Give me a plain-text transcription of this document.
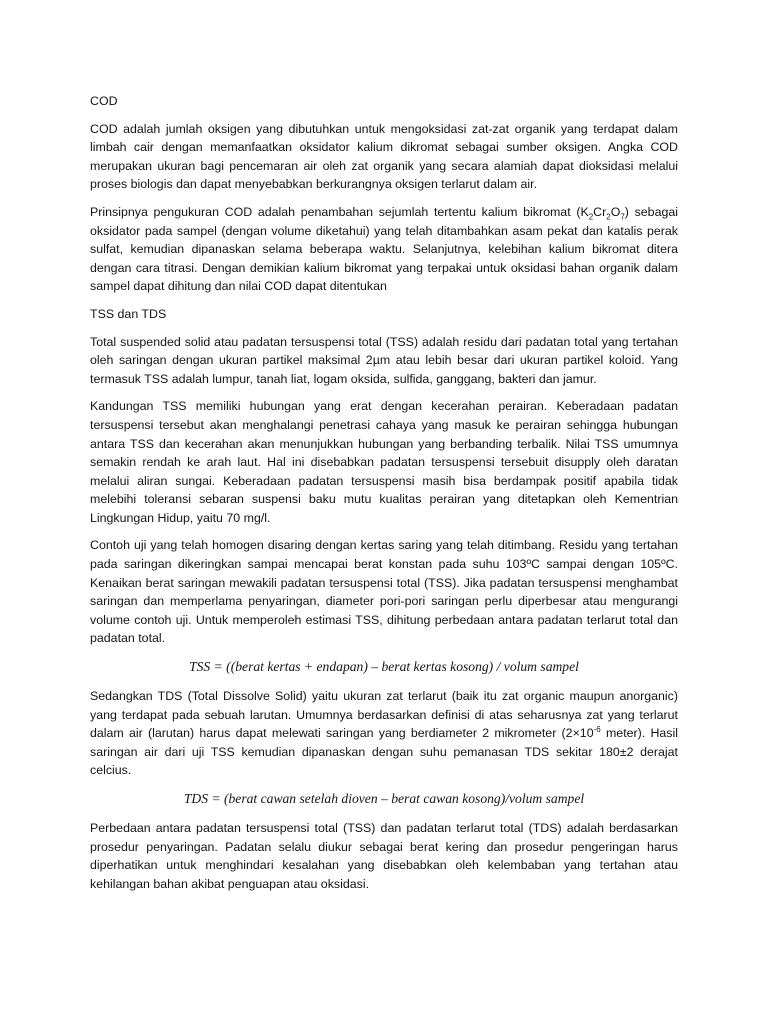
COD

COD adalah jumlah oksigen yang dibutuhkan untuk mengoksidasi zat-zat organik yang terdapat dalam limbah cair dengan memanfaatkan oksidator kalium dikromat sebagai sumber oksigen. Angka COD merupakan ukuran bagi pencemaran air oleh zat organik yang secara alamiah dapat dioksidasi melalui proses biologis dan dapat menyebabkan berkurangnya oksigen terlarut dalam air.

Prinsipnya pengukuran COD adalah penambahan sejumlah tertentu kalium bikromat $(K_2Cr_2O_7)$ sebagai oksidator pada sampel (dengan volume diketahui) yang telah ditambahkan asam pekat dan katalis perak sulfat, kemudian dipanaskan selama beberapa waktu. Selanjutnya, kelebihan kalium bikromat ditera dengan cara titrasi. Dengan demikian kalium bikromat yang terpakai untuk oksidasi bahan organik dalam sampel dapat dihitung dan nilai COD dapat ditentukan

TSS dan TDS

Total suspended solid atau padatan tersuspensi total (TSS) adalah residu dari padatan total yang tertahan oleh saringan dengan ukuran partikel maksimal 2µm atau lebih besar dari ukuran partikel koloid. Yang termasuk TSS adalah lumpur, tanah liat, logam oksida, sulfida, ganggang, bakteri dan jamur.

Kandungan TSS memiliki hubungan yang erat dengan kecerahan perairan. Keberadaan padatan tersuspensi tersebut akan menghalangi penetrasi cahaya yang masuk ke perairan sehingga hubungan antara TSS dan kecerahan akan menunjukkan hubungan yang berbanding terbalik. Nilai TSS umumnya semakin rendah ke arah laut. Hal ini disebabkan padatan tersuspensi tersebuit disupply oleh daratan melalui aliran sungai. Keberadaan padatan tersuspensi masih bisa berdampak positif apabila tidak melebihi toleransi sebaran suspensi baku mutu kualitas perairan yang ditetapkan oleh Kementrian Lingkungan Hidup, yaitu 70 mg/l.

Contoh uji yang telah homogen disaring dengan kertas saring yang telah ditimbang. Residu yang tertahan pada saringan dikeringkan sampai mencapai berat konstan pada suhu 103ºC sampai dengan 105ºC. Kenaikan berat saringan mewakili padatan tersuspensi total (TSS). Jika padatan tersuspensi menghambat saringan dan memperlama penyaringan, diameter pori-pori saringan perlu diperbesar atau mengurangi volume contoh uji. Untuk memperoleh estimasi TSS, dihitung perbedaan antara padatan terlarut total dan padatan total.

TSS = ((berat kertas + endapan) – berat kertas kosong) / volum sampel

Sedangkan TDS (Total Dissolve Solid) yaitu ukuran zat terlarut (baik itu zat organic maupun anorganic) yang terdapat pada sebuah larutan. Umumnya berdasarkan definisi di atas seharusnya zat yang terlarut dalam air (larutan) harus dapat melewati saringan yang berdiameter 2 mikrometer ($2\times 10^{-6}$ meter). Hasil saringan air dari uji TSS kemudian dipanaskan dengan suhu pemanasan TDS sekitar 180±2 derajat celcius.

TDS = (berat cawan setelah dioven – berat cawan kosong)/volum sampel

Perbedaan antara padatan tersuspensi total (TSS) dan padatan terlarut total (TDS) adalah berdasarkan prosedur penyaringan. Padatan selalu diukur sebagai berat kering dan prosedur pengeringan harus diperhatikan untuk menghindari kesalahan yang disebabkan oleh kelembaban yang tertahan atau kehilangan bahan akibat penguapan atau oksidasi.
